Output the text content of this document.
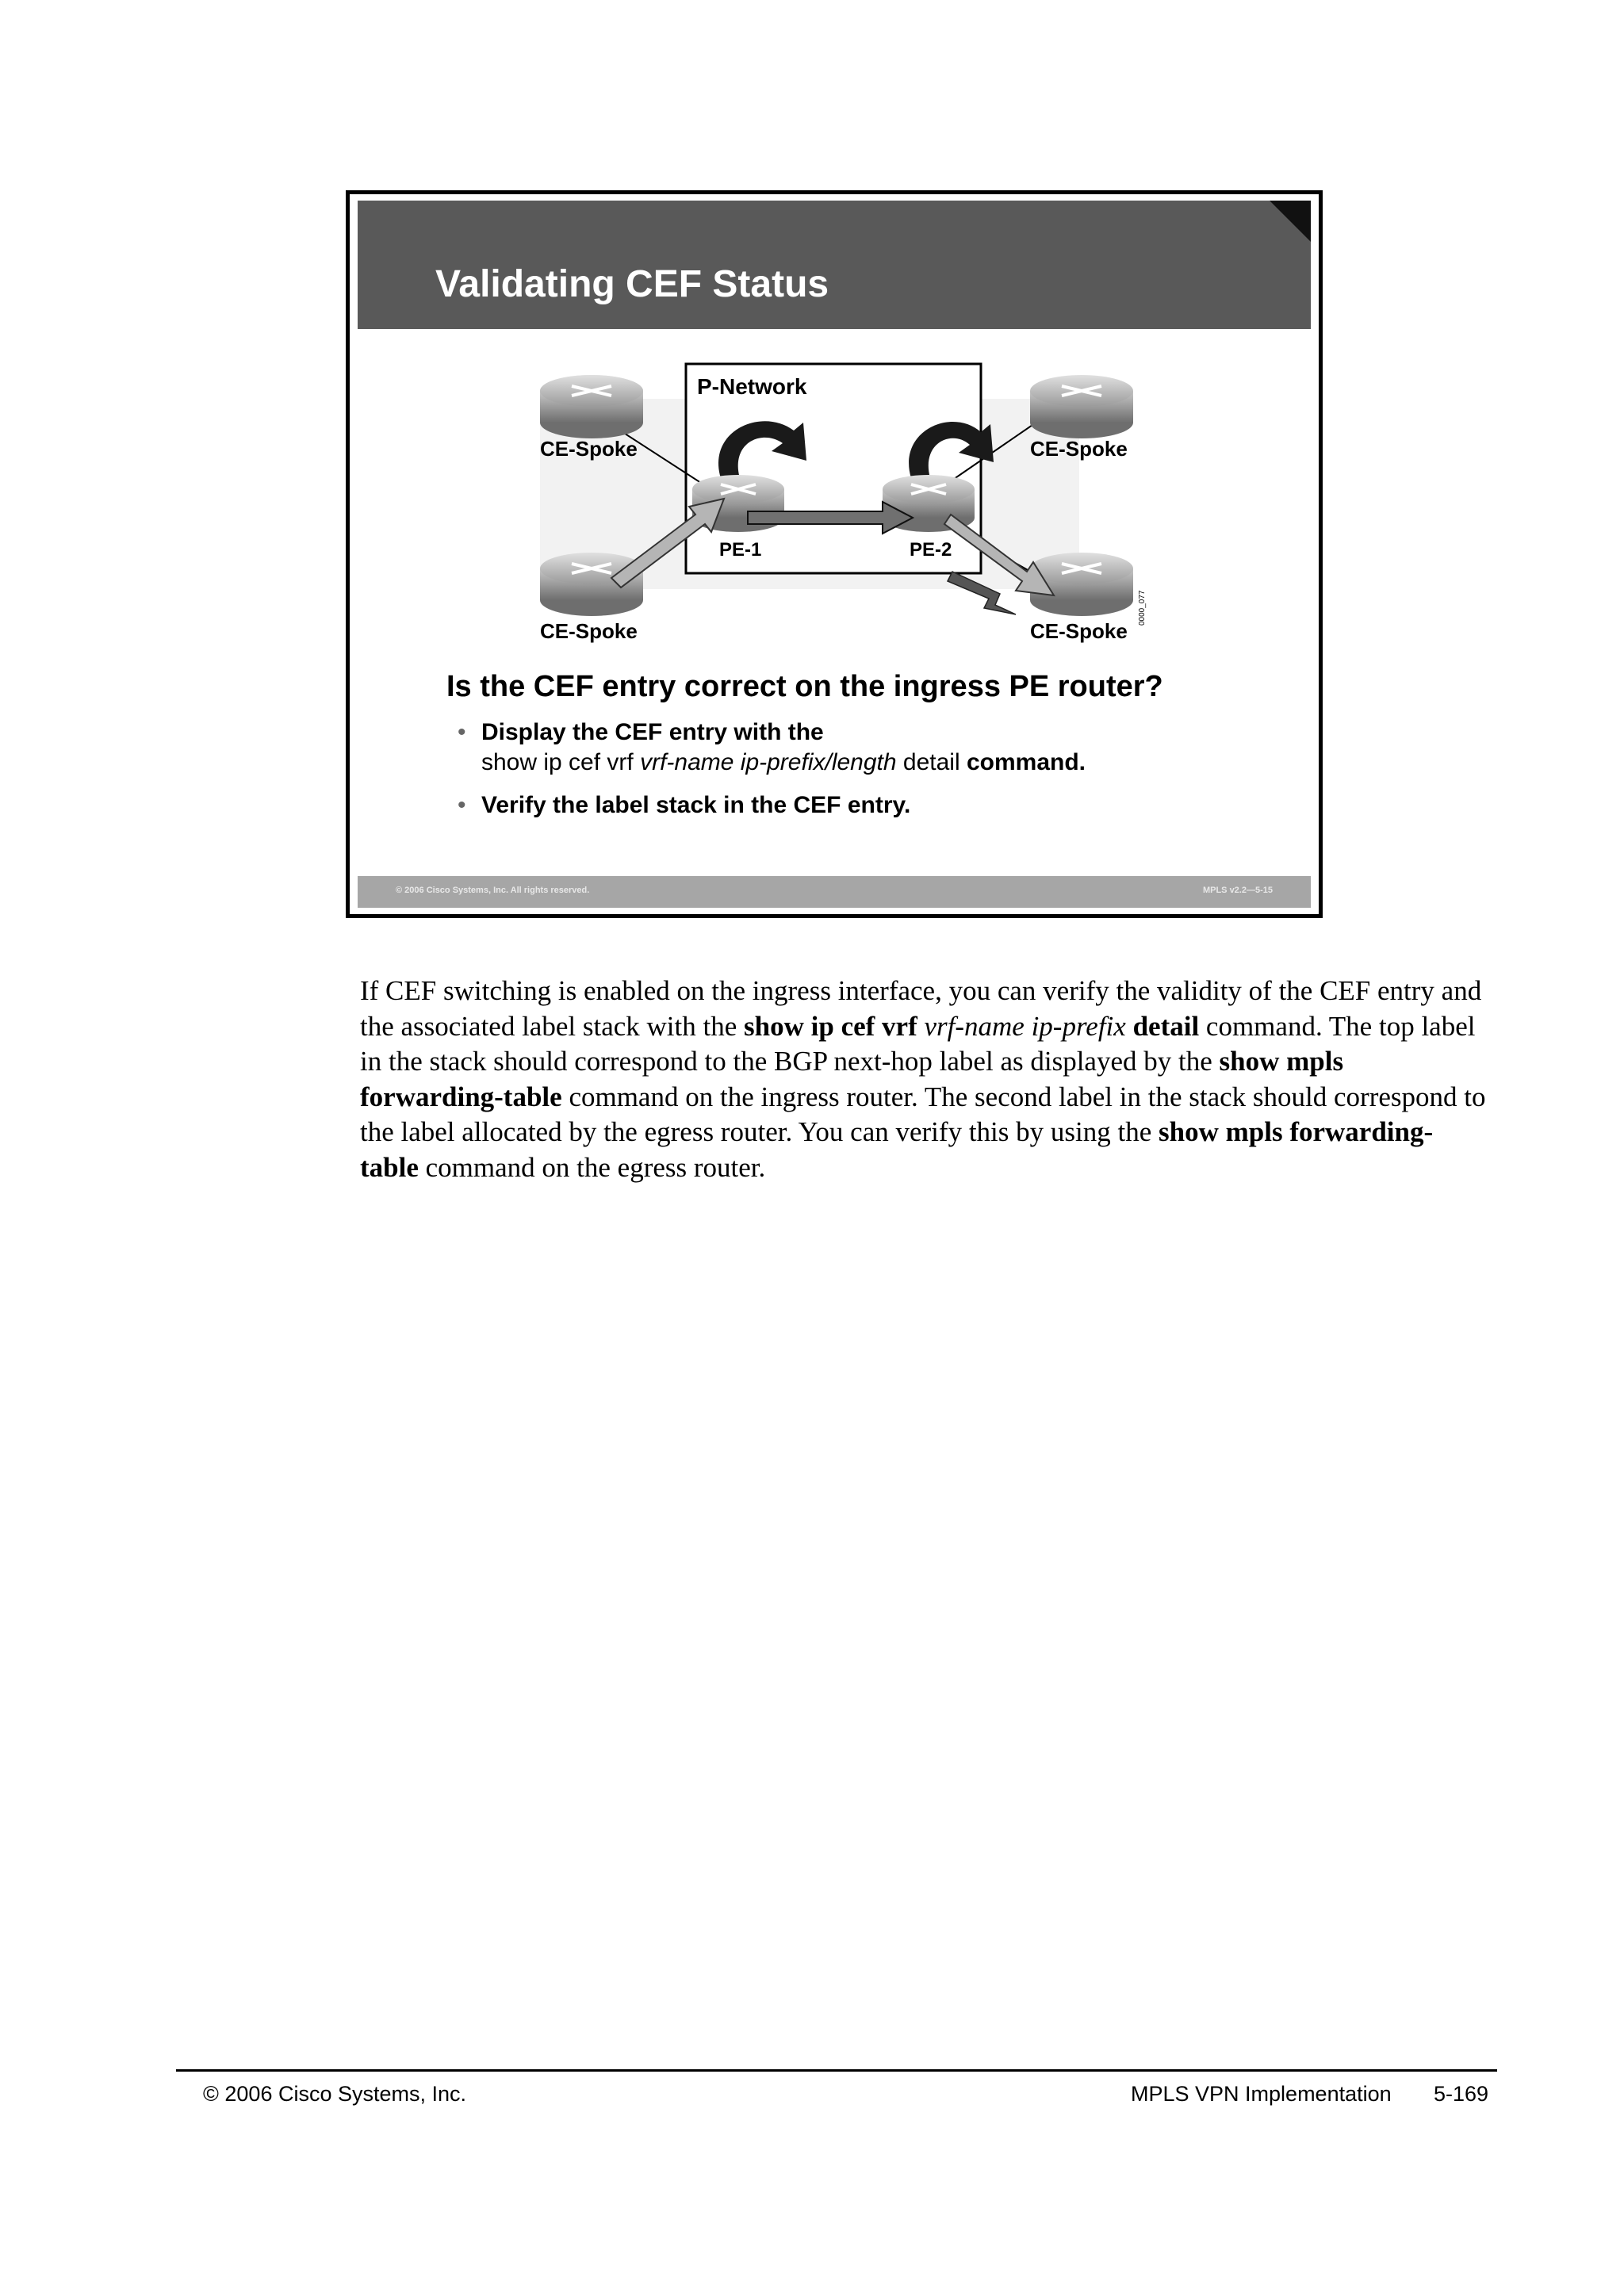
Validating CEF Status
P-Network
CE-Spoke	CE-Spoke
CE-Spoke	CE-Spoke
0000_077
PE-1	PE-2
Is the CEF entry correct on the ingress PE router?
• Display the CEF entry with the
show ip cef vrf vrf-name ip-prefix/length detail command.
• Verify the label stack in the CEF entry.
© 2006 Cisco Systems, Inc. All rights reserved.	MPLS v2.2—5-15
If CEF switching is enabled on the ingress interface, you can verify the validity of the CEF entry and the associated label stack with the show ip cef vrf vrf-name ip-prefix detail command. The top label in the stack should correspond to the BGP next-hop label as displayed by the show mpls forwarding-table command on the ingress router. The second label in the stack should correspond to the label allocated by the egress router. You can verify this by using the show mpls forwarding-table command on the egress router.
© 2006 Cisco Systems, Inc.	MPLS VPN Implementation 5-169
